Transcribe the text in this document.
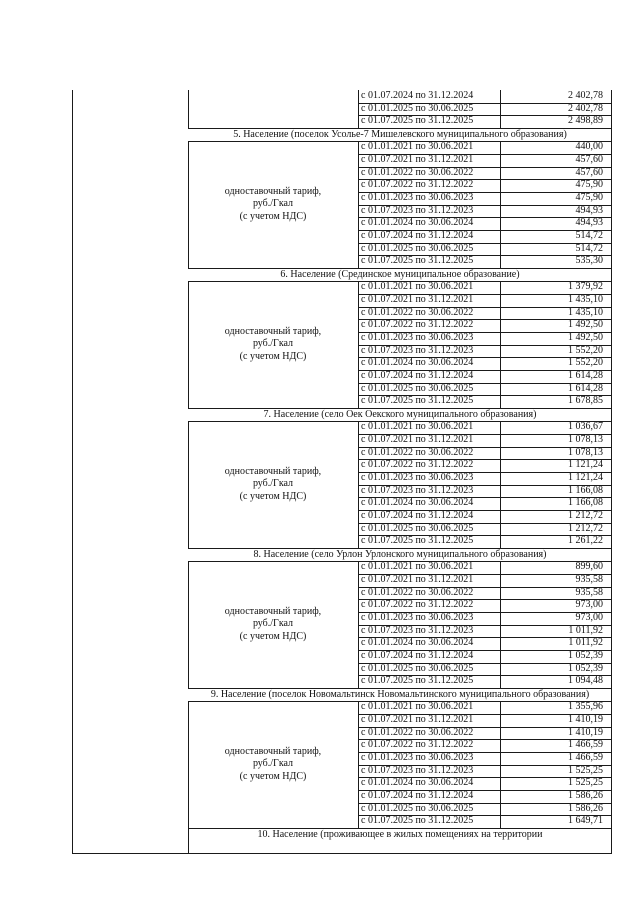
с 01.07.2024 по 31.12.2024	2 402,78
с 01.01.2025 по 30.06.2025	2 402,78
с 01.07.2025 по 31.12.2025	2 498,89
5. Население (поселок Усолье-7 Мишелевского муниципального образования)
с 01.01.2021 по 30.06.2021	440,00
с 01.07.2021 по 31.12.2021	457,60
с 01.01.2022 по 30.06.2022	457,60
с 01.07.2022 по 31.12.2022	475,90
с 01.01.2023 по 30.06.2023	475,90
с 01.07.2023 по 31.12.2023	494,93
с 01.01.2024 по 30.06.2024	494,93
с 01.07.2024 по 31.12.2024	514,72
с 01.01.2025 по 30.06.2025	514,72
с 01.07.2025 по 31.12.2025	535,30
одноставочный тариф,
руб./Гкал
(с учетом НДС)
6. Население (Срединское муниципальное образование)
с 01.01.2021 по 30.06.2021	1 379,92
с 01.07.2021 по 31.12.2021	1 435,10
с 01.01.2022 по 30.06.2022	1 435,10
с 01.07.2022 по 31.12.2022	1 492,50
с 01.01.2023 по 30.06.2023	1 492,50
с 01.07.2023 по 31.12.2023	1 552,20
с 01.01.2024 по 30.06.2024	1 552,20
с 01.07.2024 по 31.12.2024	1 614,28
с 01.01.2025 по 30.06.2025	1 614,28
с 01.07.2025 по 31.12.2025	1 678,85
одноставочный тариф,
руб./Гкал
(с учетом НДС)
7. Население (село Оек Оекского муниципального образования)
с 01.01.2021 по 30.06.2021	1 036,67
с 01.07.2021 по 31.12.2021	1 078,13
с 01.01.2022 по 30.06.2022	1 078,13
с 01.07.2022 по 31.12.2022	1 121,24
с 01.01.2023 по 30.06.2023	1 121,24
с 01.07.2023 по 31.12.2023	1 166,08
с 01.01.2024 по 30.06.2024	1 166,08
с 01.07.2024 по 31.12.2024	1 212,72
с 01.01.2025 по 30.06.2025	1 212,72
с 01.07.2025 по 31.12.2025	1 261,22
одноставочный тариф,
руб./Гкал
(с учетом НДС)
8. Население (село Урлон Урлонского муниципального образования)
с 01.01.2021 по 30.06.2021	899,60
с 01.07.2021 по 31.12.2021	935,58
с 01.01.2022 по 30.06.2022	935,58
с 01.07.2022 по 31.12.2022	973,00
с 01.01.2023 по 30.06.2023	973,00
с 01.07.2023 по 31.12.2023	1 011,92
с 01.01.2024 по 30.06.2024	1 011,92
с 01.07.2024 по 31.12.2024	1 052,39
с 01.01.2025 по 30.06.2025	1 052,39
с 01.07.2025 по 31.12.2025	1 094,48
одноставочный тариф,
руб./Гкал
(с учетом НДС)
9. Население (поселок Новомальтинск Новомальтинского муниципального образования)
с 01.01.2021 по 30.06.2021	1 355,96
с 01.07.2021 по 31.12.2021	1 410,19
с 01.01.2022 по 30.06.2022	1 410,19
с 01.07.2022 по 31.12.2022	1 466,59
с 01.01.2023 по 30.06.2023	1 466,59
с 01.07.2023 по 31.12.2023	1 525,25
с 01.01.2024 по 30.06.2024	1 525,25
с 01.07.2024 по 31.12.2024	1 586,26
с 01.01.2025 по 30.06.2025	1 586,26
с 01.07.2025 по 31.12.2025	1 649,71
одноставочный тариф,
руб./Гкал
(с учетом НДС)
10. Население (проживающее в жилых помещениях на территории
